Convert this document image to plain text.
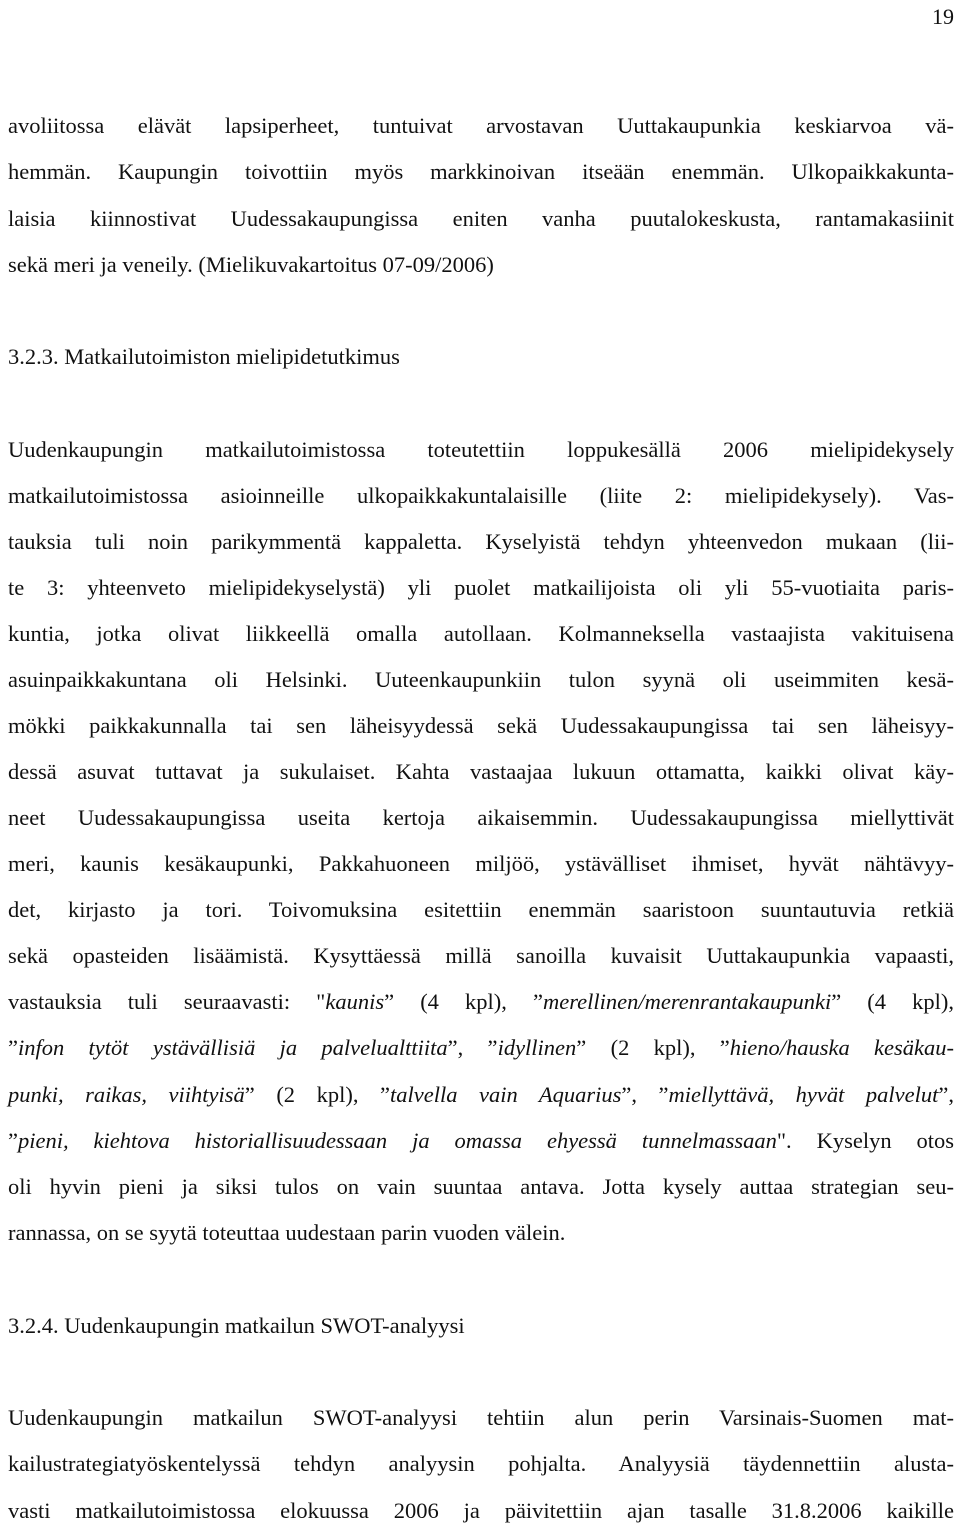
19
avoliitossa elävät lapsiperheet, tuntuivat arvostavan Uuttakaupunkia keskiarvoa vä-
hemmän. Kaupungin toivottiin myös markkinoivan itseään enemmän. Ulkopaikkakunta-
laisia kiinnostivat Uudessakaupungissa eniten vanha puutalokeskusta, rantamakasiinit
sekä meri ja veneily. (Mielikuvakartoitus 07-09/2006)
3.2.3. Matkailutoimiston mielipidetutkimus
Uudenkaupungin matkailutoimistossa toteutettiin loppukesällä 2006 mielipidekysely
matkailutoimistossa asioinneille ulkopaikkakuntalaisille (liite 2: mielipidekysely). Vas-
tauksia tuli noin parikymmentä kappaletta. Kyselyistä tehdyn yhteenvedon mukaan (lii-
te 3: yhteenveto mielipidekyselystä) yli puolet matkailijoista oli yli 55-vuotiaita paris-
kuntia, jotka olivat liikkeellä omalla autollaan. Kolmanneksella vastaajista vakituisena
asuinpaikkakuntana oli Helsinki. Uuteenkaupunkiin tulon syynä oli useimmiten kesä-
mökki paikkakunnalla tai sen läheisyydessä sekä Uudessakaupungissa tai sen läheisyy-
dessä asuvat tuttavat ja sukulaiset. Kahta vastaajaa lukuun ottamatta, kaikki olivat käy-
neet Uudessakaupungissa useita kertoja aikaisemmin. Uudessakaupungissa miellyttivät
meri, kaunis kesäkaupunki, Pakkahuoneen miljöö, ystävälliset ihmiset, hyvät nähtävyy-
det, kirjasto ja tori. Toivomuksina esitettiin enemmän saaristoon suuntautuvia retkiä
sekä opasteiden lisäämistä. Kysyttäessä millä sanoilla kuvaisit Uuttakaupunkia vapaasti,
vastauksia tuli seuraavasti: "kaunis” (4 kpl), ”merellinen/merenrantakaupunki” (4 kpl),
”infon tytöt ystävällisiä ja palvelualttiita”, ”idyllinen” (2 kpl), ”hieno/hauska kesäkau-
punki, raikas, viihtyisä” (2 kpl), ”talvella vain Aquarius”, ”miellyttävä, hyvät palvelut”,
”pieni, kiehtova historiallisuudessaan ja omassa ehyessä tunnelmassaan". Kyselyn otos
oli hyvin pieni ja siksi tulos on vain suuntaa antava. Jotta kysely auttaa strategian seu-
rannassa, on se syytä toteuttaa uudestaan parin vuoden välein.
3.2.4. Uudenkaupungin matkailun SWOT-analyysi
Uudenkaupungin matkailun SWOT-analyysi tehtiin alun perin Varsinais-Suomen mat-
kailustrategiatyöskentelyssä tehdyn analyysin pohjalta. Analyysiä täydennettiin alusta-
vasti matkailutoimistossa elokuussa 2006 ja päivitettiin ajan tasalle 31.8.2006 kaikille
